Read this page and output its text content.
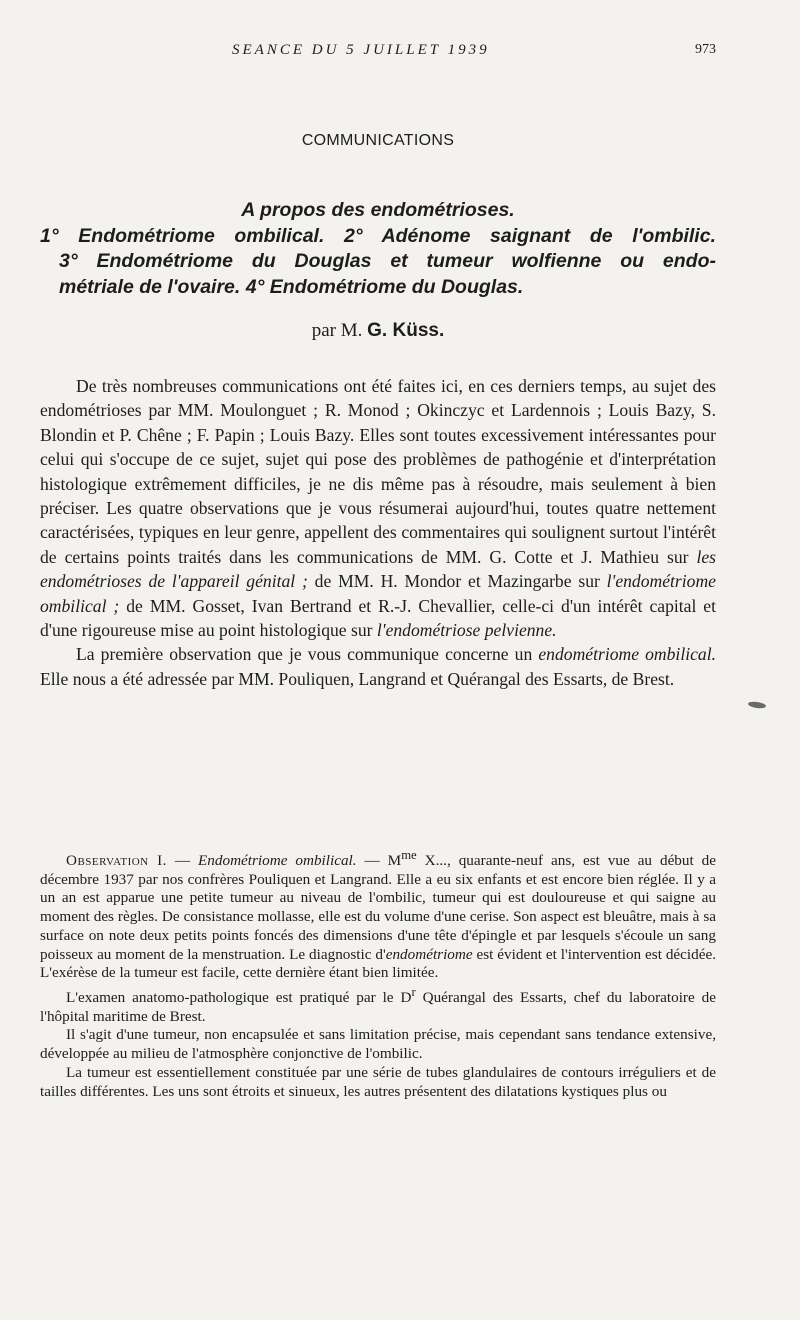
SEANCE DU 5 JUILLET 1939	973
COMMUNICATIONS
A propos des endométrioses.
1° Endométriome ombilical. 2° Adénome saignant de l'ombilic.
3° Endométriome du Douglas et tumeur wolfienne ou endo-
métriale de l'ovaire. 4° Endométriome du Douglas.
par M. G. Küss.

De très nombreuses communications ont été faites ici, en ces derniers temps, au sujet des endométrioses par MM. Moulonguet ; R. Monod ; Okinczyc et Lardennois ; Louis Bazy, S. Blondin et P. Chêne ; F. Papin ; Louis Bazy. Elles sont toutes excessivement intéressantes pour celui qui s'occupe de ce sujet, sujet qui pose des problèmes de pathogénie et d'interprétation histologique extrêmement difficiles, je ne dis même pas à résoudre, mais seulement à bien préciser. Les quatre observations que je vous résumerai aujourd'hui, toutes quatre nettement caractérisées, typiques en leur genre, appellent des commentaires qui soulignent surtout l'intérêt de certains points traités dans les communications de MM. G. Cotte et J. Mathieu sur les endométrioses de l'appareil génital ; de MM. H. Mondor et Mazingarbe sur l'endométriome ombilical ; de MM. Gosset, Ivan Bertrand et R.-J. Chevallier, celle-ci d'un intérêt capital et d'une rigoureuse mise au point histologique sur l'endométriose pelvienne.

La première observation que je vous communique concerne un endométriome ombilical. Elle nous a été adressée par MM. Pouliquen, Langrand et Quérangal des Essarts, de Brest.

Observation I. — Endométriome ombilical. — $M^{me}$ X..., quarante-neuf ans, est vue au début de décembre 1937 par nos confrères Pouliquen et Langrand. Elle a eu six enfants et est encore bien réglée. Il y a un an est apparue une petite tumeur au niveau de l'ombilic, tumeur qui est douloureuse et qui saigne au moment des règles. De consistance mollasse, elle est du volume d'une cerise. Son aspect est bleuâtre, mais à sa surface on note deux petits points foncés des dimensions d'une tête d'épingle et par lesquels s'écoule un sang poisseux au moment de la menstruation. Le diagnostic d'endométriome est évident et l'intervention est décidée. L'exérèse de la tumeur est facile, cette dernière étant bien limitée.

L'examen anatomo-pathologique est pratiqué par le $D^r$ Quérangal des Essarts, chef du laboratoire de l'hôpital maritime de Brest.

Il s'agit d'une tumeur, non encapsulée et sans limitation précise, mais cependant sans tendance extensive, développée au milieu de l'atmosphère conjonctive de l'ombilic.

La tumeur est essentiellement constituée par une série de tubes glandulaires de contours irréguliers et de tailles différentes. Les uns sont étroits et sinueux, les autres présentent des dilatations kystiques plus ou
